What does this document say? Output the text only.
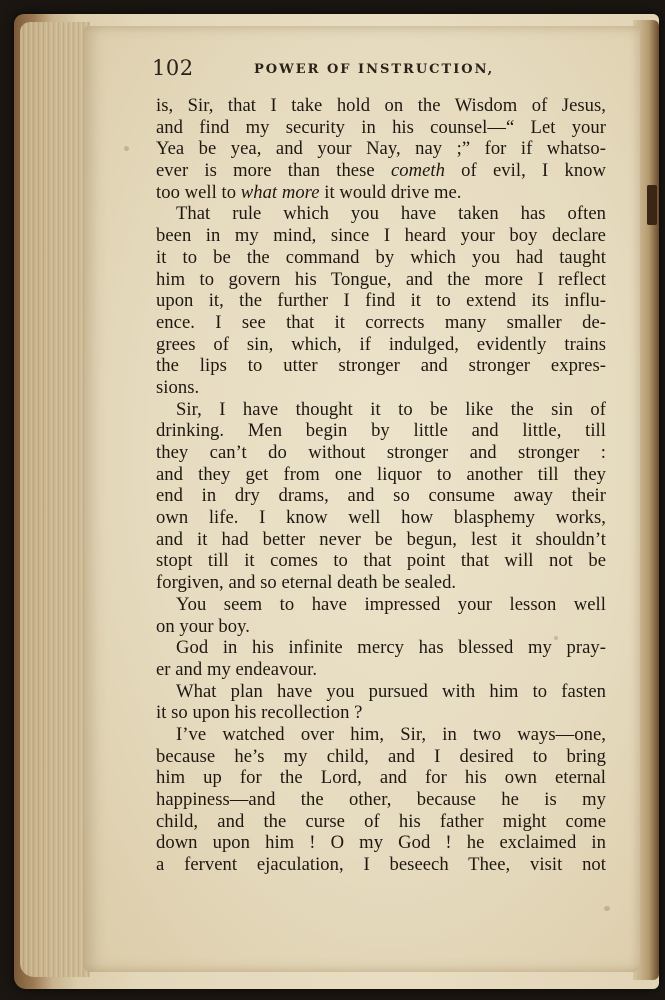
102	POWER OF INSTRUCTION,
is, Sir, that I take hold on the Wisdom of Jesus,
and find my security in his counsel—“ Let your
Yea be yea, and your Nay, nay ;” for if whatso-
ever is more than these cometh of evil, I know
too well to what more it would drive me.
That rule which you have taken has often
been in my mind, since I heard your boy declare
it to be the command by which you had taught
him to govern his Tongue, and the more I reflect
upon it, the further I find it to extend its influ-
ence. I see that it corrects many smaller de-
grees of sin, which, if indulged, evidently trains
the lips to utter stronger and stronger expres-
sions.
Sir, I have thought it to be like the sin of
drinking. Men begin by little and little, till
they can’t do without stronger and stronger :
and they get from one liquor to another till they
end in dry drams, and so consume away their
own life. I know well how blasphemy works,
and it had better never be begun, lest it shouldn’t
stopt till it comes to that point that will not be
forgiven, and so eternal death be sealed.
You seem to have impressed your lesson well
on your boy.
God in his infinite mercy has blessed my pray-
er and my endeavour.
What plan have you pursued with him to fasten
it so upon his recollection ?
I’ve watched over him, Sir, in two ways—one,
because he’s my child, and I desired to bring
him up for the Lord, and for his own eternal
happiness—and the other, because he is my
child, and the curse of his father might come
down upon him ! O my God ! he exclaimed in
a fervent ejaculation, I beseech Thee, visit not
